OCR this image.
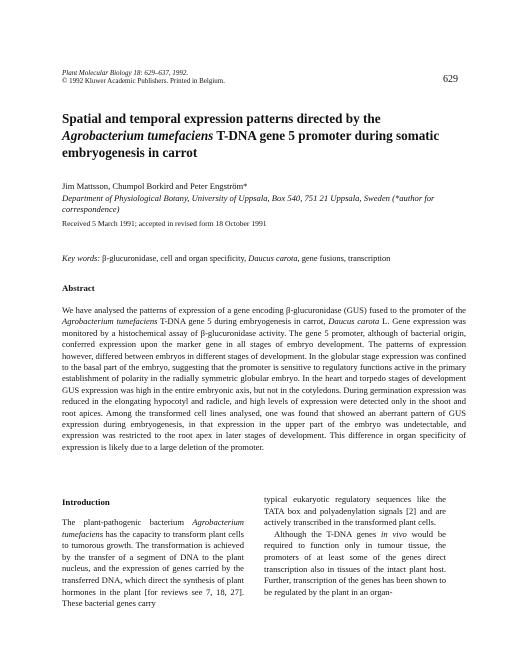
Plant Molecular Biology 18: 629–637, 1992.
© 1992 Kluwer Academic Publishers. Printed in Belgium.	629
Spatial and temporal expression patterns directed by the Agrobacterium tumefaciens T-DNA gene 5 promoter during somatic embryogenesis in carrot
Jim Mattsson, Chumpol Borkird and Peter Engström*
Department of Physiological Botany, University of Uppsala, Box 540, 751 21 Uppsala, Sweden (*author for correspondence)
Received 5 March 1991; accepted in revised form 18 October 1991
Key words: β-glucuronidase, cell and organ specificity, Daucus carota, gene fusions, transcription
Abstract
We have analysed the patterns of expression of a gene encoding β-glucuronidase (GUS) fused to the promoter of the Agrobacterium tumefaciens T-DNA gene 5 during embryogenesis in carrot, Daucus carota L. Gene expression was monitored by a histochemical assay of β-glucuronidase activity. The gene 5 promoter, although of bacterial origin, conferred expression upon the marker gene in all stages of embryo development. The patterns of expression however, differed between embryos in different stages of development. In the globular stage expression was confined to the basal part of the embryo, suggesting that the promoter is sensitive to regulatory functions active in the primary establishment of polarity in the radially symmetric globular embryo. In the heart and torpedo stages of development GUS expression was high in the entire embryonic axis, but not in the cotyledons. During germination expression was reduced in the elongating hypocotyl and radicle, and high levels of expression were detected only in the shoot and root apices. Among the transformed cell lines analysed, one was found that showed an aberrant pattern of GUS expression during embryogenesis, in that expression in the upper part of the embryo was undetectable, and expression was restricted to the root apex in later stages of development. This difference in organ specificity of expression is likely due to a large deletion of the promoter.
Introduction
The plant-pathogenic bacterium Agrobacterium tumefaciens has the capacity to transform plant cells to tumorous growth. The transformation is achieved by the transfer of a segment of DNA to the plant nucleus, and the expression of genes carried by the transferred DNA, which direct the synthesis of plant hormones in the plant [for reviews see 7, 18, 27]. These bacterial genes carry
typical eukaryotic regulatory sequences like the TATA box and polyadenylation signals [2] and are actively transcribed in the transformed plant cells.
Although the T-DNA genes in vivo would be required to function only in tumour tissue, the promoters of at least some of the genes direct transcription also in tissues of the intact plant host. Further, transcription of the genes has been shown to be regulated by the plant in an organ-
